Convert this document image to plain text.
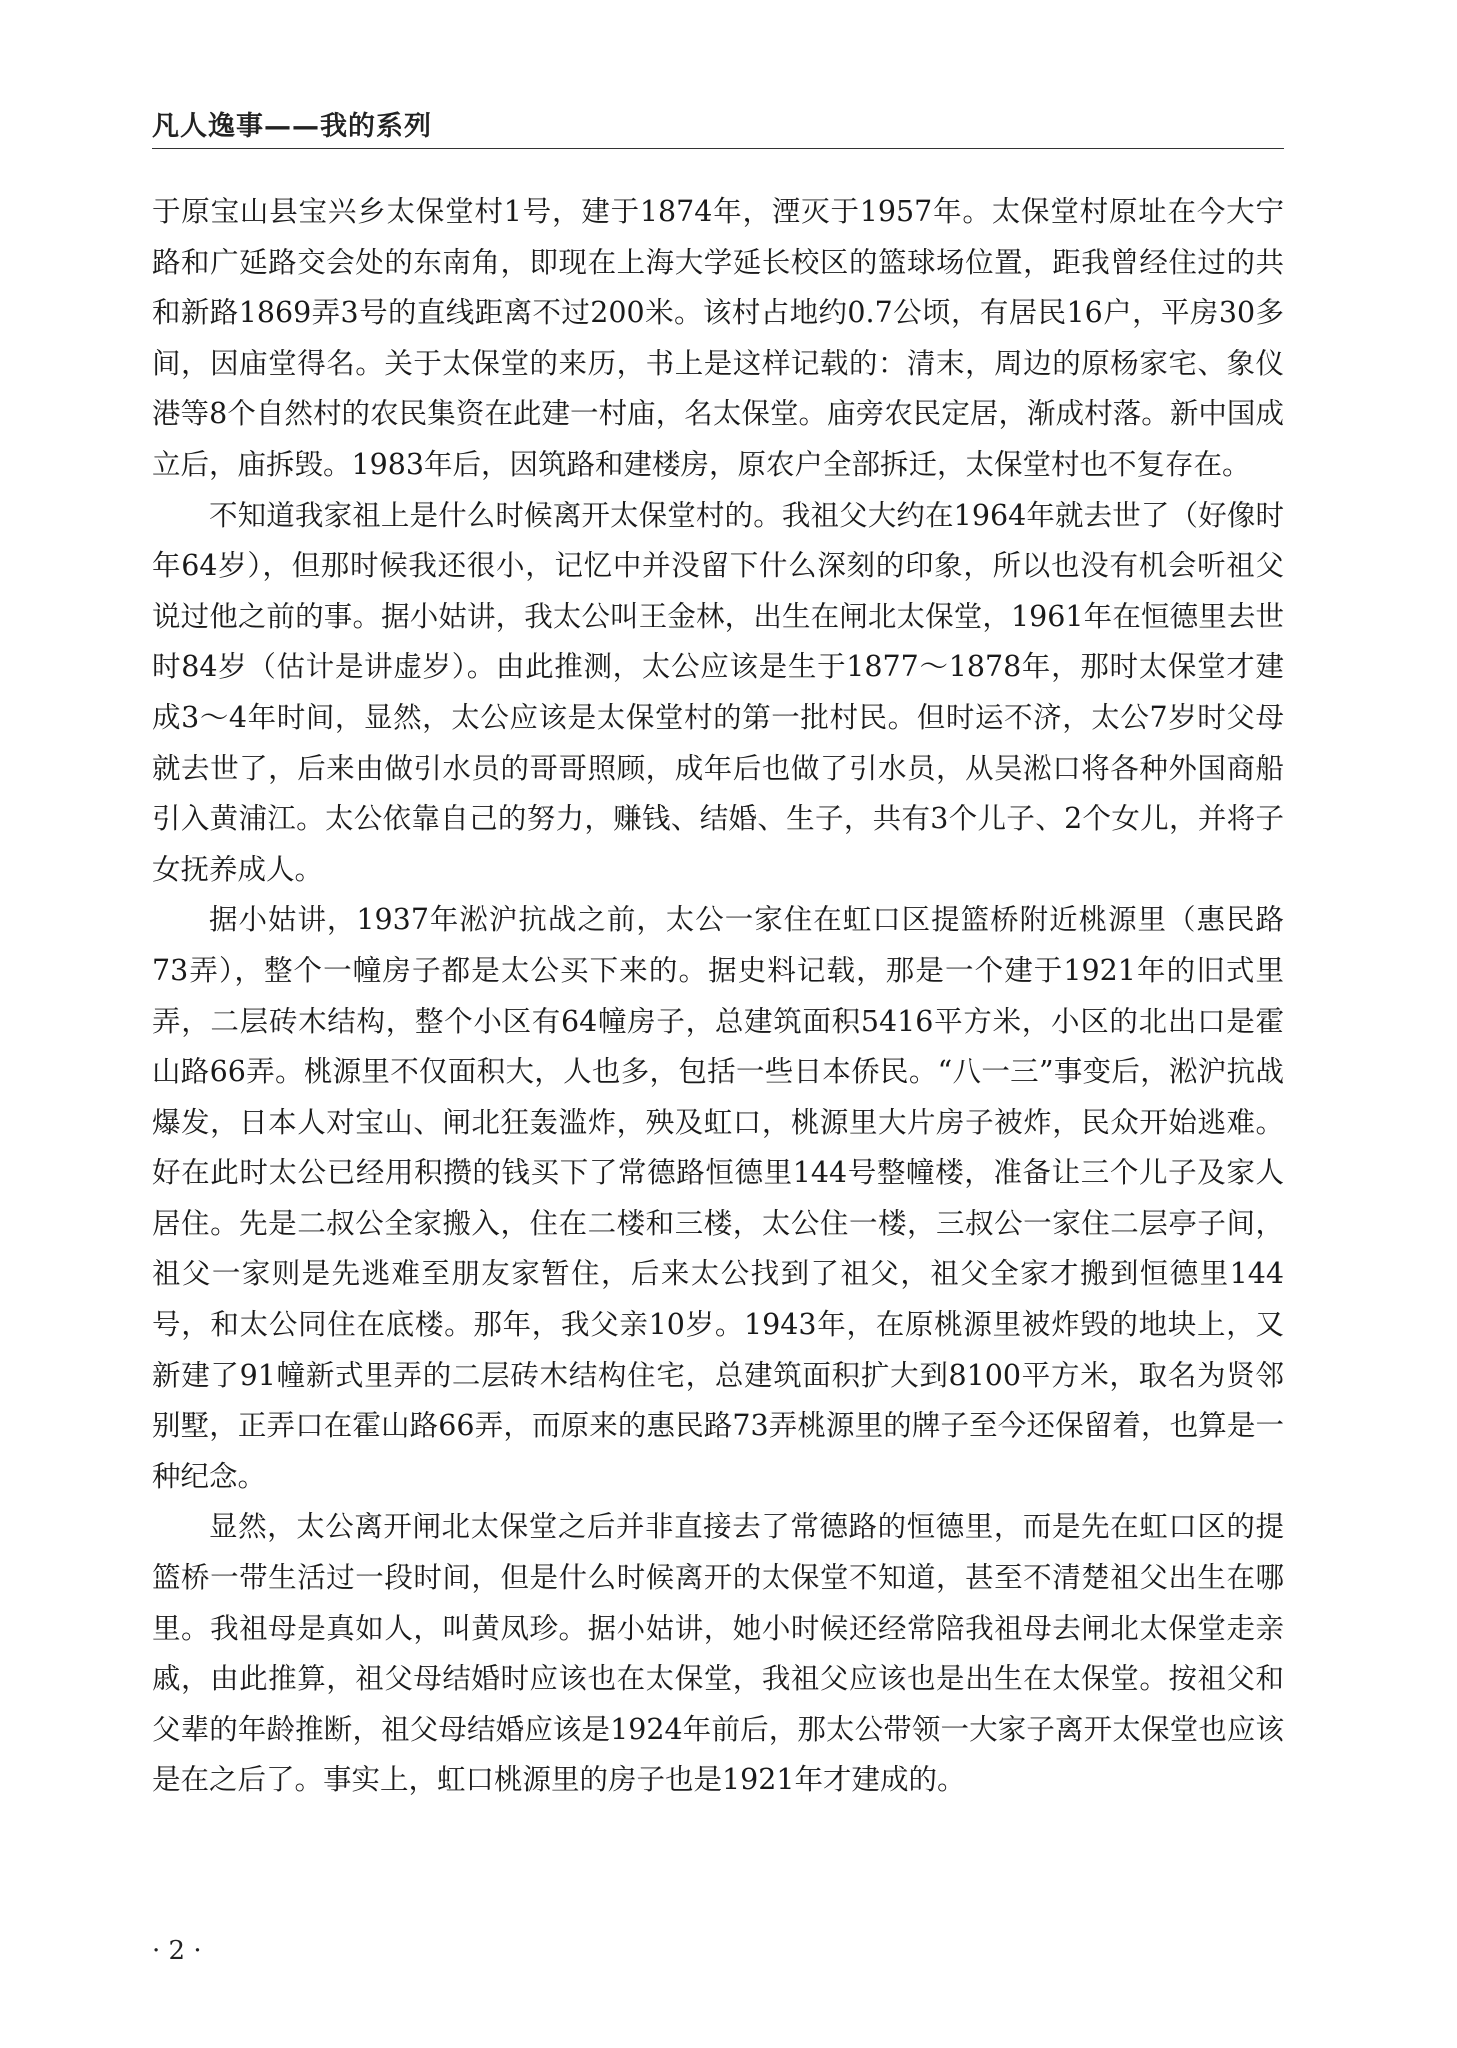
凡人逸事——我的系列

于原宝山县宝兴乡太保堂村1号，建于1874年，湮灭于1957年。太保堂村原址在今大宁路和广延路交会处的东南角，即现在上海大学延长校区的篮球场位置，距我曾经住过的共和新路1869弄3号的直线距离不过200米。该村占地约0.7公顷，有居民16户，平房30多间，因庙堂得名。关于太保堂的来历，书上是这样记载的：清末，周边的原杨家宅、象仪港等8个自然村的农民集资在此建一村庙，名太保堂。庙旁农民定居，渐成村落。新中国成立后，庙拆毁。1983年后，因筑路和建楼房，原农户全部拆迁，太保堂村也不复存在。

不知道我家祖上是什么时候离开太保堂村的。我祖父大约在1964年就去世了（好像时年64岁），但那时候我还很小，记忆中并没留下什么深刻的印象，所以也没有机会听祖父说过他之前的事。据小姑讲，我太公叫王金林，出生在闸北太保堂，1961年在恒德里去世时84岁（估计是讲虚岁）。由此推测，太公应该是生于1877～1878年，那时太保堂才建成3～4年时间，显然，太公应该是太保堂村的第一批村民。但时运不济，太公7岁时父母就去世了，后来由做引水员的哥哥照顾，成年后也做了引水员，从吴淞口将各种外国商船引入黄浦江。太公依靠自己的努力，赚钱、结婚、生子，共有3个儿子、2个女儿，并将子女抚养成人。

据小姑讲，1937年淞沪抗战之前，太公一家住在虹口区提篮桥附近桃源里（惠民路73弄），整个一幢房子都是太公买下来的。据史料记载，那是一个建于1921年的旧式里弄，二层砖木结构，整个小区有64幢房子，总建筑面积5416平方米，小区的北出口是霍山路66弄。桃源里不仅面积大，人也多，包括一些日本侨民。“八一三”事变后，淞沪抗战爆发，日本人对宝山、闸北狂轰滥炸，殃及虹口，桃源里大片房子被炸，民众开始逃难。好在此时太公已经用积攒的钱买下了常德路恒德里144号整幢楼，准备让三个儿子及家人居住。先是二叔公全家搬入，住在二楼和三楼，太公住一楼，三叔公一家住二层亭子间，祖父一家则是先逃难至朋友家暂住，后来太公找到了祖父，祖父全家才搬到恒德里144号，和太公同住在底楼。那年，我父亲10岁。1943年，在原桃源里被炸毁的地块上，又新建了91幢新式里弄的二层砖木结构住宅，总建筑面积扩大到8100平方米，取名为贤邻别墅，正弄口在霍山路66弄，而原来的惠民路73弄桃源里的牌子至今还保留着，也算是一种纪念。

显然，太公离开闸北太保堂之后并非直接去了常德路的恒德里，而是先在虹口区的提篮桥一带生活过一段时间，但是什么时候离开的太保堂不知道，甚至不清楚祖父出生在哪里。我祖母是真如人，叫黄凤珍。据小姑讲，她小时候还经常陪我祖母去闸北太保堂走亲戚，由此推算，祖父母结婚时应该也在太保堂，我祖父应该也是出生在太保堂。按祖父和父辈的年龄推断，祖父母结婚应该是1924年前后，那太公带领一大家子离开太保堂也应该是在之后了。事实上，虹口桃源里的房子也是1921年才建成的。

· 2 ·
